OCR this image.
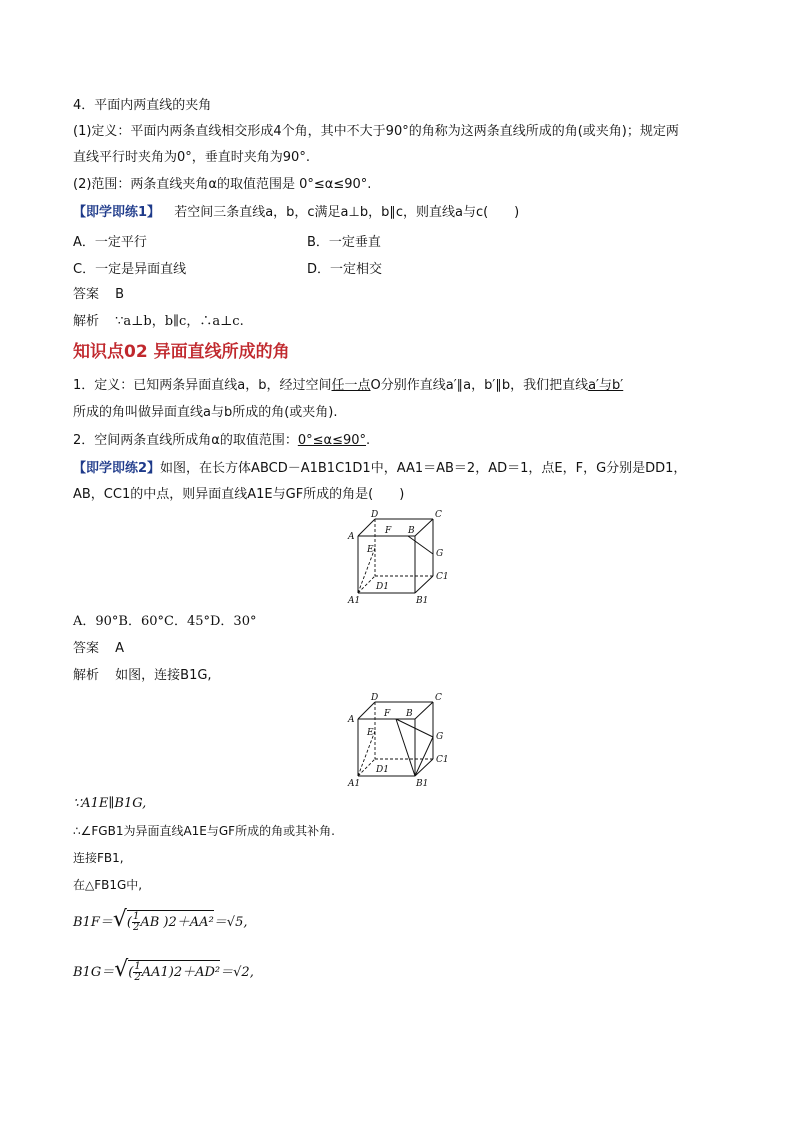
4．平面内两直线的夹角
(1)定义：平面内两条直线相交形成4个角，其中不大于90°的角称为这两条直线所成的角(或夹角)；规定两
直线平行时夹角为0°，垂直时夹角为90°.
(2)范围：两条直线夹角α的取值范围是 0°≤α≤90°.
【即学即练1】 若空间三条直线a，b，c满足a⊥b，b∥c，则直线a与c(　　)
A．一定平行	B．一定垂直
C．一定是异面直线	D．一定相交
答案 B
解析 ∵a⊥b，b∥c，∴a⊥c.
知识点02 异面直线所成的角
1．定义：已知两条异面直线a，b，经过空间任一点O分别作直线a′∥a，b′∥b，我们把直线a′与b′
所成的角叫做异面直线a与b所成的角(或夹角).
2．空间两条直线所成角α的取值范围：0°≤α≤90°.
【即学即练2】如图，在长方体ABCD－A1B1C1D1中，AA1＝AB＝2，AD＝1，点E，F，G分别是DD1，
AB，CC1的中点，则异面直线A1E与GF所成的角是(　　)
D	C
A
F B
E	G
C1
D1
A1	B1
A．90°B．60°C．45°D．30°
答案 A
解析 如图，连接B1G,
D	C
A
F B
E	G
C1
D1
A1	B1
∵A1E∥B1G,
∴∠FGB1为异面直线A1E与GF所成的角或其补角.
连接FB1,
在△FB1G中,
$B1F=√( \frac{1}{2}$ AB )2＋AA²＝√5,
$B1G=√( \frac{1}{2} AA1)2+AD^2=√2$,
